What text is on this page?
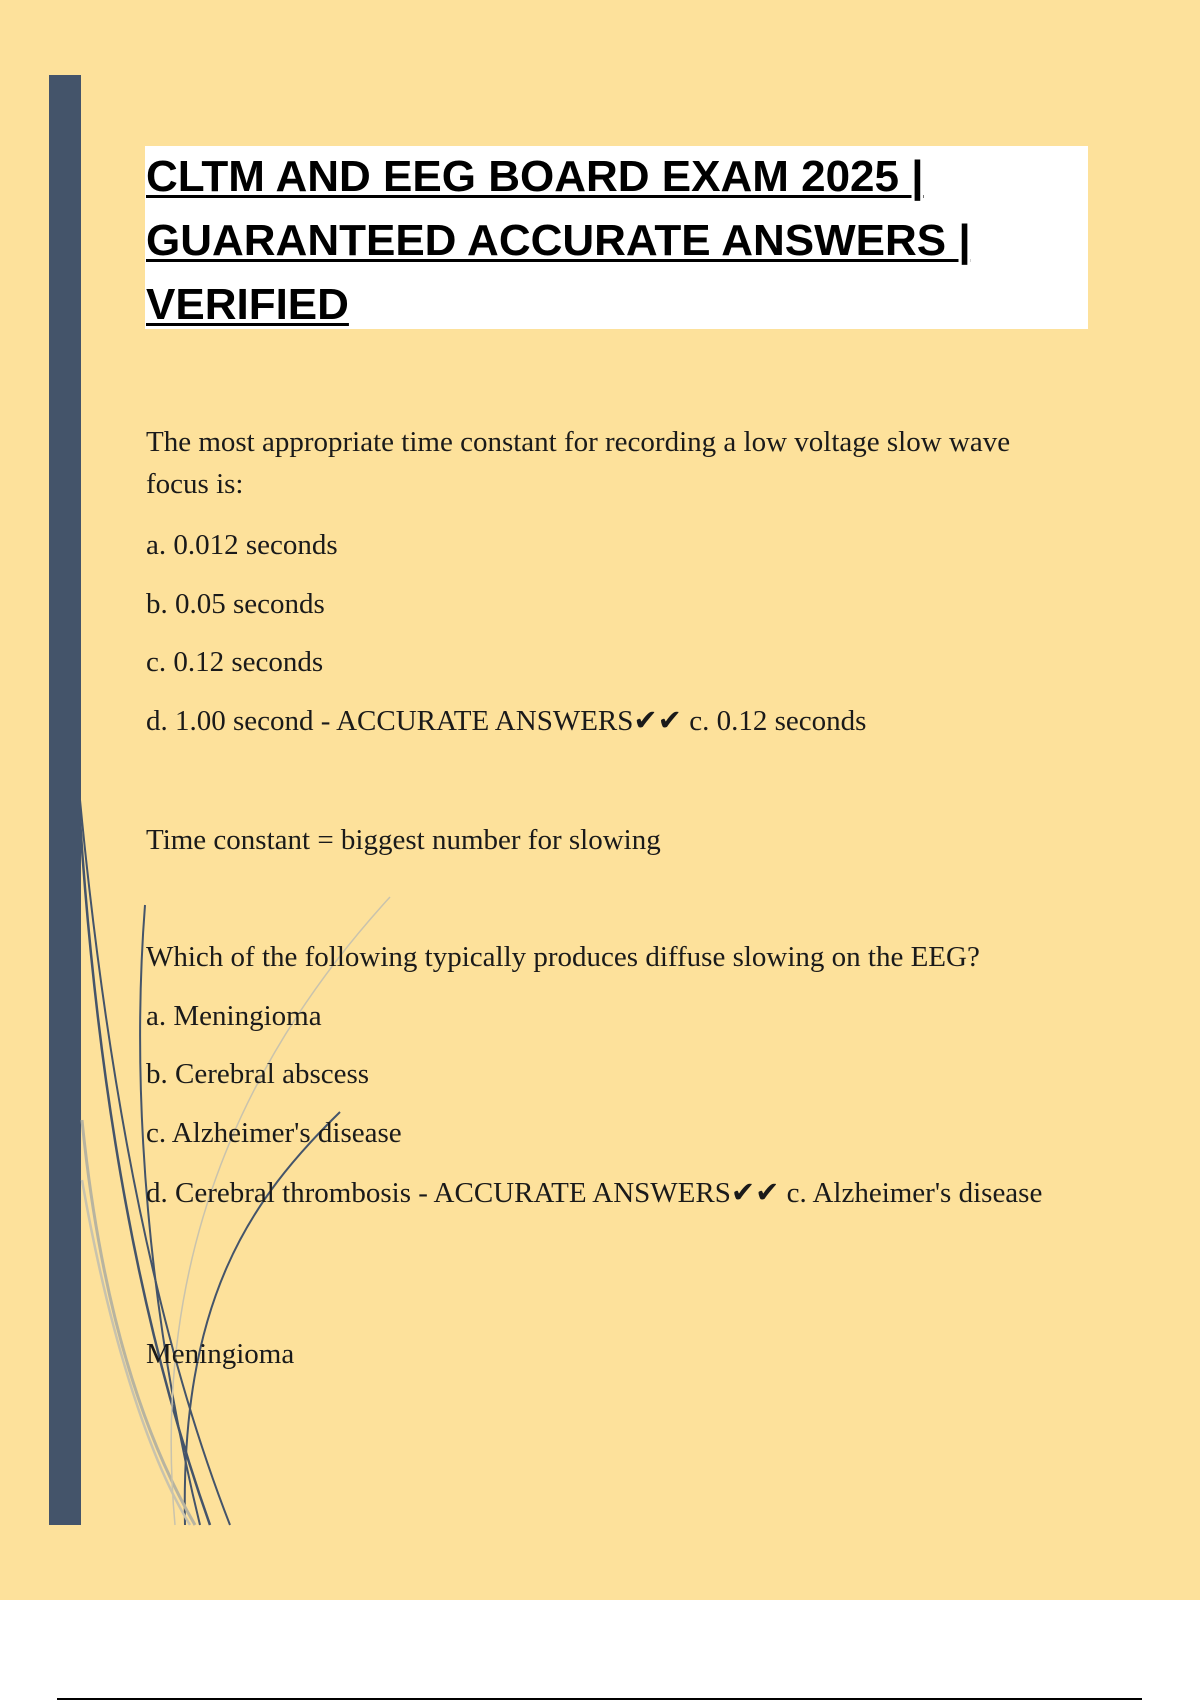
CLTM AND EEG BOARD EXAM 2025 | GUARANTEED ACCURATE ANSWERS | VERIFIED

The most appropriate time constant for recording a low voltage slow wave focus is:

a. 0.012 seconds

b. 0.05 seconds

c. 0.12 seconds

d. 1.00 second - ACCURATE ANSWERS✔✔ c. 0.12 seconds

Time constant = biggest number for slowing

Which of the following typically produces diffuse slowing on the EEG?

a. Meningioma

b. Cerebral abscess

c. Alzheimer's disease

d. Cerebral thrombosis - ACCURATE ANSWERS✔✔ c. Alzheimer's disease

Meningioma
